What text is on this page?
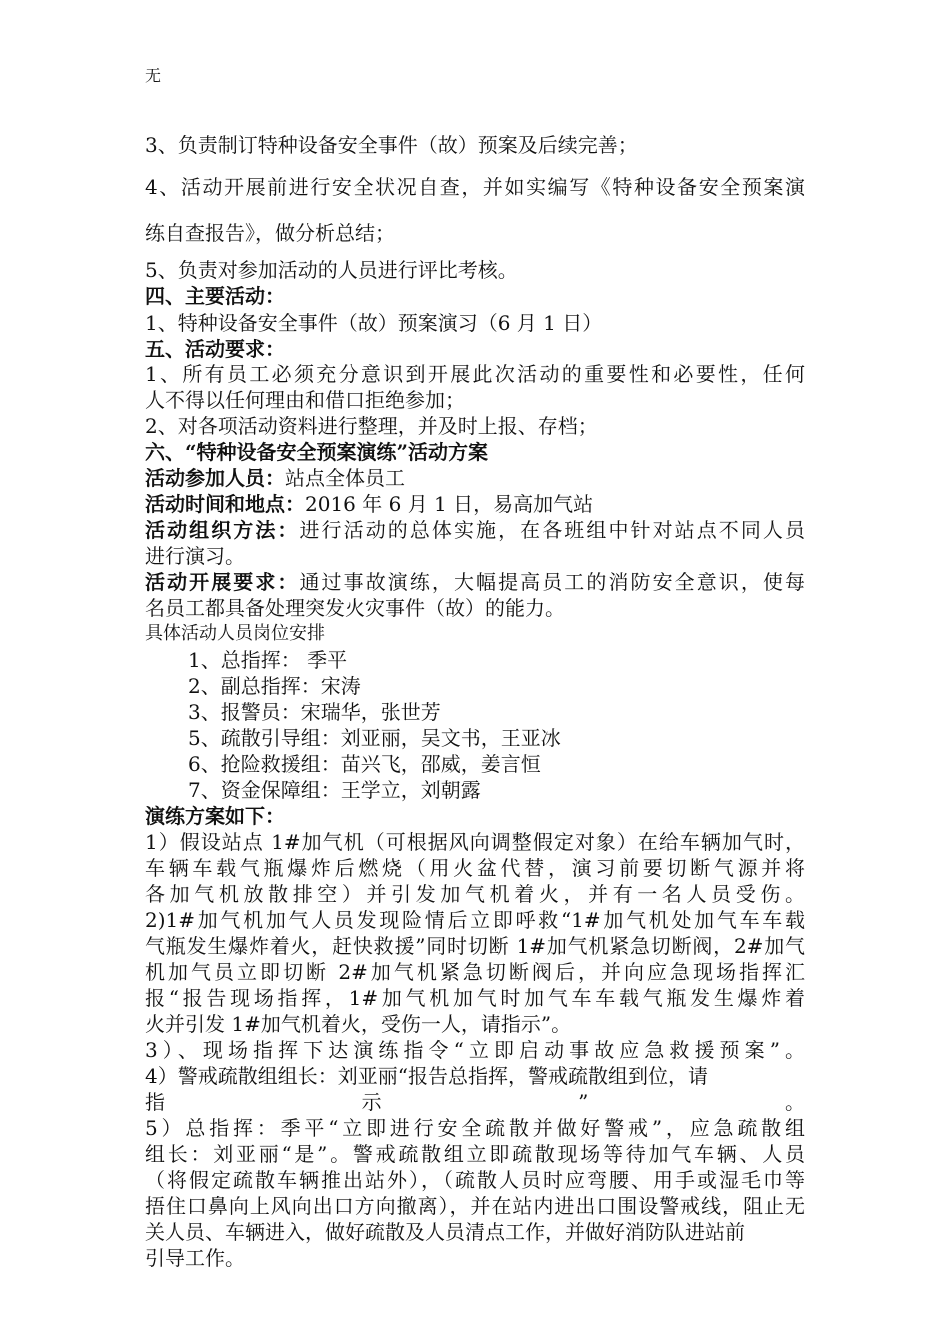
无
3、负责制订特种设备安全事件（故）预案及后续完善；
4、活动开展前进行安全状况自查，并如实编写《特种设备安全预案演
练自查报告》，做分析总结；
5、负责对参加活动的人员进行评比考核。
四、主要活动：
1、特种设备安全事件（故）预案演习（6 月 1 日）
五、活动要求：
1、所有员工必须充分意识到开展此次活动的重要性和必要性，任何
人不得以任何理由和借口拒绝参加；
2、对各项活动资料进行整理，并及时上报、存档；
六、“特种设备安全预案演练”活动方案
活动参加人员：站点全体员工
活动时间和地点：2016 年 6 月 1 日，易高加气站
活动组织方法：进行活动的总体实施，在各班组中针对站点不同人员
进行演习。
活动开展要求：通过事故演练，大幅提高员工的消防安全意识，使每
名员工都具备处理突发火灾事件（故）的能力。
具体活动人员岗位安排
1、总指挥： 季平
2、副总指挥：宋涛
3、报警员：宋瑞华，张世芳
5、疏散引导组：刘亚丽，吴文书，王亚冰
6、抢险救援组：苗兴飞，邵威，姜言恒
7、资金保障组：王学立，刘朝露
演练方案如下：
1）假设站点 1#加气机（可根据风向调整假定对象）在给车辆加气时，
车辆车载气瓶爆炸后燃烧（用火盆代替，演习前要切断气源并将
各加气机放散排空）并引发加气机着火，并有一名人员受伤。
2)1#加气机加气人员发现险情后立即呼救“1#加气机处加气车车载
气瓶发生爆炸着火，赶快救援”同时切断 1#加气机紧急切断阀，2#加气
机加气员立即切断 2#加气机紧急切断阀后，并向应急现场指挥汇
报“报告现场指挥，1#加气机加气时加气车车载气瓶发生爆炸着
火并引发 1#加气机着火，受伤一人，请指示”。
3）、现场指挥下达演练指令“立即启动事故应急救援预案”。
4）警戒疏散组组长：刘亚丽“报告总指挥，警戒疏散组到位，请
指示”。
5）总指挥：季平“立即进行安全疏散并做好警戒”，应急疏散组
组长：刘亚丽“是”。警戒疏散组立即疏散现场等待加气车辆、人员
（将假定疏散车辆推出站外），（疏散人员时应弯腰、用手或湿毛巾等
捂住口鼻向上风向出口方向撤离），并在站内进出口围设警戒线，阻止无
关人员、车辆进入，做好疏散及人员清点工作，并做好消防队进站前
引导工作。
